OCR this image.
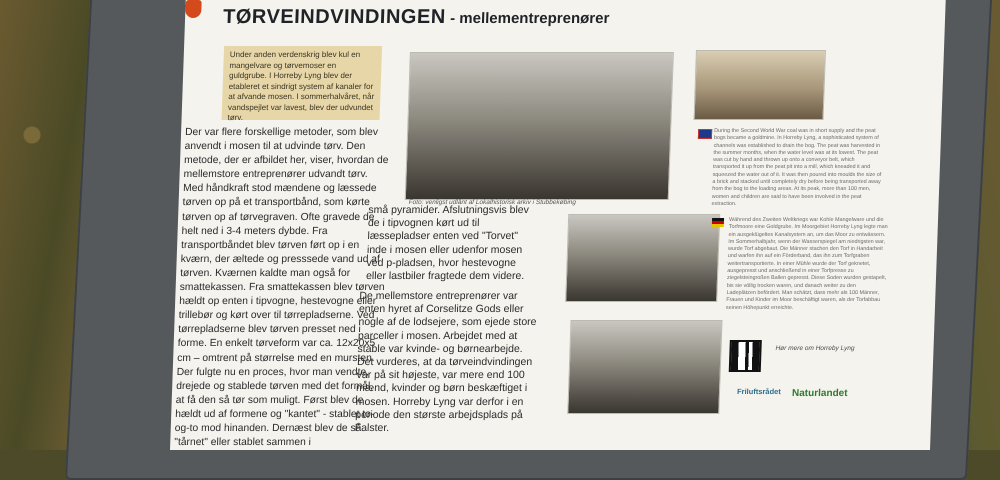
TØRVEINDVINDINGEN - mellementreprenører
Under anden verdenskrig blev kul en mangelvare og tørvemoser en guldgrube. I Horreby Lyng blev der etableret et sindrigt system af kanaler for at afvande mosen. I sommerhalvåret, når vandspejlet var lavest, blev der udvundet tørv.
Der var flere forskellige metoder, som blev anvendt i mosen til at udvinde tørv. Den metode, der er afbildet her, viser, hvordan de mellemstore entreprenører udvandt tørv. Med håndkraft stod mændene og læssede tørven op på et transportbånd, som kørte tørven op af tørvegraven. Ofte gravede de helt ned i 3-4 meters dybde. Fra transportbåndet blev tørven ført op i en kværn, der æltede og presssede vand ud af tørven. Kværnen kaldte man også for smattekassen. Fra smattekassen blev tørven hældt op enten i tipvogne, hestevogne eller trillebør og kørt over til tørrepladserne. Ved tørrepladserne blev tørven presset ned i forme. En enkelt tørveform var ca. 12x20x5 cm – omtrent på størrelse med en mursten. Der fulgte nu en proces, hvor man vendte, drejede og stablede tørven med det formål, at få den så tør som muligt. Først blev de hældt ud af formene og "kantet" - stablet to-og-to mod hinanden. Dernæst blev de så "tårnet" eller stablet sammen i
Foto: venligst udlånt af Lokalhistorisk arkiv i Stubbekøbing
små pyramider. Afslutningsvis blev de i tipvognen kørt ud til læssepladser enten ved "Torvet" inde i mosen eller udenfor mosen ved p-pladsen, hvor hestevogne eller lastbiler fragtede dem videre.
De mellemstore entreprenører var enten hyret af Corselitze Gods eller nogle af de lodsejere, som ejede store parceller i mosen. Arbejdet med at stable var kvinde- og børnearbejde. Det vurderes, at da tørveindvindingen var på sit højeste, var mere end 100 mænd, kvinder og børn beskæftiget i mosen. Horreby Lyng var derfor i en periode den største arbejdsplads på Falster.
During the Second World War coal was in short supply and the peat bogs became a goldmine. In Horreby Lyng, a sophisticated system of channels was established to drain the bog. The peat was harvested in the summer months, when the water level was at its lowest. The peat was cut by hand and thrown up onto a conveyor belt, which transported it up from the peat pit into a mill, which kneaded it and squeezed the water out of it. It was then poured into moulds the size of a brick and stacked until completely dry before being transported away from the bog to the loading areas. At its peak, more than 100 men, women and children are said to have been involved in the peat extraction.
Während des Zweiten Weltkriegs war Kohle Mangelware und die Torfmoore eine Goldgrube. Im Moorgebiet Horreby Lyng legte man ein ausgeklügeltes Kanalsystem an, um das Moor zu entwässern. Im Sommerhalbjahr, wenn der Wasserspiegel am niedrigsten war, wurde Torf abgebaut. Die Männer stachen den Torf in Handarbeit und warfen ihn auf ein Förderband, das ihn zum Torfgraben weitertransportierte. In einer Mühle wurde der Torf geknetet, ausgepresst und anschließend in einer Torfpresse zu ziegelsteingroßen Ballen gepresst. Diese Soden wurden gestapelt, bis sie völlig trocken waren, und danach weiter zu den Ladeplätzen befördert. Man schätzt, dass mehr als 100 Männer, Frauen und Kinder im Moor beschäftigt waren, als der Torfabbau seinen Höhepunkt erreichte.
Hør mere om Horreby Lyng
Friluftsrådet Naturlandet
